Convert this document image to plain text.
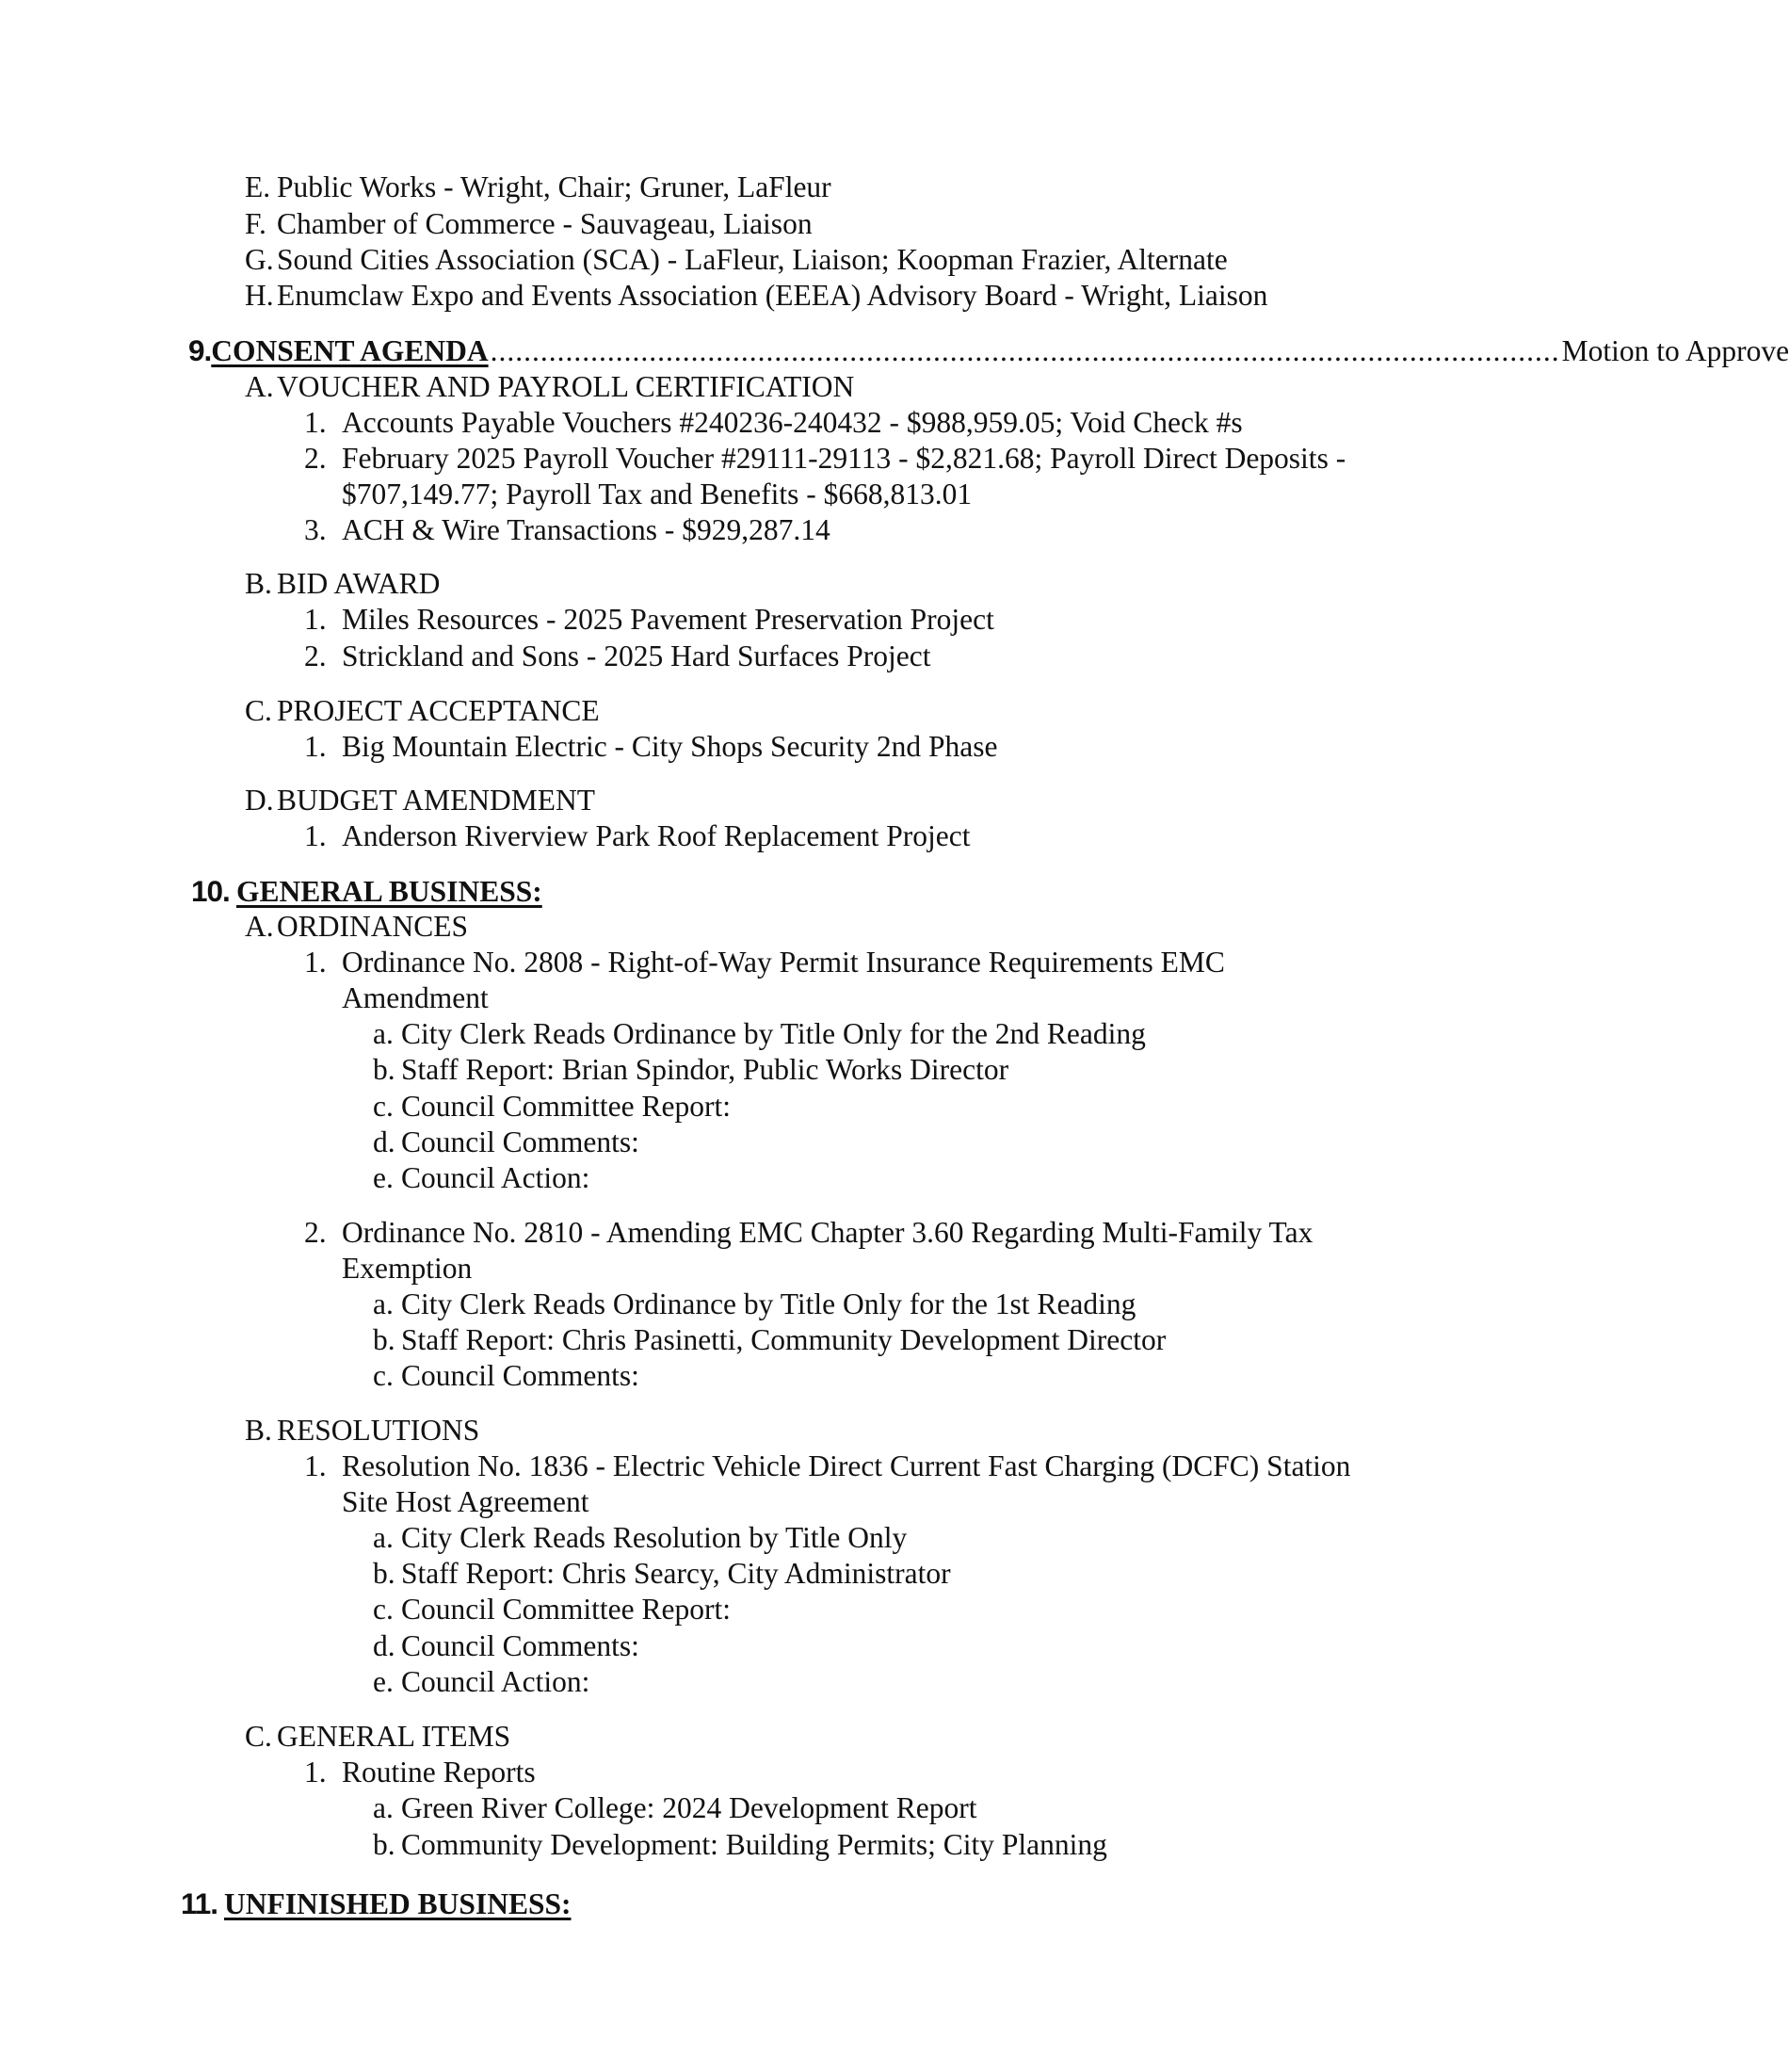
E. Public Works - Wright, Chair; Gruner, LaFleur
F. Chamber of Commerce - Sauvageau, Liaison
G. Sound Cities Association (SCA) - LaFleur, Liaison; Koopman Frazier, Alternate
H. Enumclaw Expo and Events Association (EEEA) Advisory Board - Wright, Liaison
9. CONSENT AGENDA ................................................................................................................................ Motion to Approve
A. VOUCHER AND PAYROLL CERTIFICATION
1. Accounts Payable Vouchers #240236-240432 - $988,959.05; Void Check #s
2. February 2025 Payroll Voucher #29111-29113 - $2,821.68; Payroll Direct Deposits -
$707,149.77; Payroll Tax and Benefits - $668,813.01
3. ACH & Wire Transactions - $929,287.14
B. BID AWARD
1. Miles Resources - 2025 Pavement Preservation Project
2. Strickland and Sons - 2025 Hard Surfaces Project
C. PROJECT ACCEPTANCE
1. Big Mountain Electric - City Shops Security 2nd Phase
D. BUDGET AMENDMENT
1. Anderson Riverview Park Roof Replacement Project
10. GENERAL BUSINESS:
A. ORDINANCES
1. Ordinance No. 2808 - Right-of-Way Permit Insurance Requirements EMC
Amendment
a. City Clerk Reads Ordinance by Title Only for the 2nd Reading
b. Staff Report: Brian Spindor, Public Works Director
c. Council Committee Report:
d. Council Comments:
e. Council Action:
2. Ordinance No. 2810 - Amending EMC Chapter 3.60 Regarding Multi-Family Tax
Exemption
a. City Clerk Reads Ordinance by Title Only for the 1st Reading
b. Staff Report: Chris Pasinetti, Community Development Director
c. Council Comments:
B. RESOLUTIONS
1. Resolution No. 1836 - Electric Vehicle Direct Current Fast Charging (DCFC) Station
Site Host Agreement
a. City Clerk Reads Resolution by Title Only
b. Staff Report: Chris Searcy, City Administrator
c. Council Committee Report:
d. Council Comments:
e. Council Action:
C. GENERAL ITEMS
1. Routine Reports
a. Green River College: 2024 Development Report
b. Community Development: Building Permits; City Planning
11. UNFINISHED BUSINESS:
